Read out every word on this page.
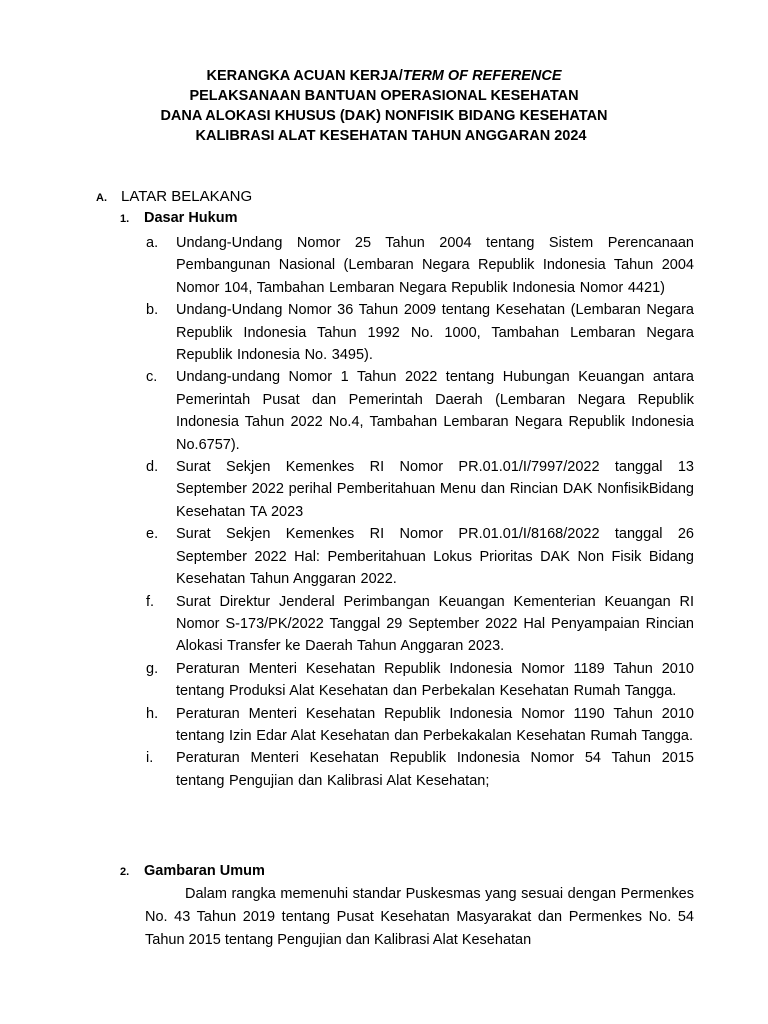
KERANGKA ACUAN KERJA/TERM OF REFERENCE
PELAKSANAAN BANTUAN OPERASIONAL KESEHATAN
DANA ALOKASI KHUSUS (DAK) NONFISIK BIDANG KESEHATAN
KALIBRASI ALAT KESEHATAN TAHUN ANGGARAN 2024
A. LATAR BELAKANG
1. Dasar Hukum
a. Undang-Undang Nomor 25 Tahun 2004 tentang Sistem Perencanaan Pembangunan Nasional (Lembaran Negara Republik Indonesia Tahun 2004 Nomor 104, Tambahan Lembaran Negara Republik Indonesia Nomor 4421)
b. Undang-Undang Nomor 36 Tahun 2009 tentang Kesehatan (Lembaran Negara Republik Indonesia Tahun 1992 No. 1000, Tambahan Lembaran Negara Republik Indonesia No. 3495).
c. Undang-undang Nomor 1 Tahun 2022 tentang Hubungan Keuangan antara Pemerintah Pusat dan Pemerintah Daerah (Lembaran Negara Republik Indonesia Tahun 2022 No.4, Tambahan Lembaran Negara Republik Indonesia No.6757).
d. Surat Sekjen Kemenkes RI Nomor PR.01.01/I/7997/2022 tanggal 13 September 2022 perihal Pemberitahuan Menu dan Rincian DAK NonfisikBidang Kesehatan TA 2023
e. Surat Sekjen Kemenkes RI Nomor PR.01.01/I/8168/2022 tanggal 26 September 2022 Hal: Pemberitahuan Lokus Prioritas DAK Non Fisik Bidang Kesehatan Tahun Anggaran 2022.
f. Surat Direktur Jenderal Perimbangan Keuangan Kementerian Keuangan RI Nomor S-173/PK/2022 Tanggal 29 September 2022 Hal Penyampaian Rincian Alokasi Transfer ke Daerah Tahun Anggaran 2023.
g. Peraturan Menteri Kesehatan Republik Indonesia Nomor 1189 Tahun 2010 tentang Produksi Alat Kesehatan dan Perbekalan Kesehatan Rumah Tangga.
h. Peraturan Menteri Kesehatan Republik Indonesia Nomor 1190 Tahun 2010 tentang Izin Edar Alat Kesehatan dan Perbekakalan Kesehatan Rumah Tangga.
i. Peraturan Menteri Kesehatan Republik Indonesia Nomor 54 Tahun 2015 tentang Pengujian dan Kalibrasi Alat Kesehatan;
2. Gambaran Umum
Dalam rangka memenuhi standar Puskesmas yang sesuai dengan Permenkes No. 43 Tahun 2019 tentang Pusat Kesehatan Masyarakat dan Permenkes No. 54 Tahun 2015 tentang Pengujian dan Kalibrasi Alat Kesehatan
